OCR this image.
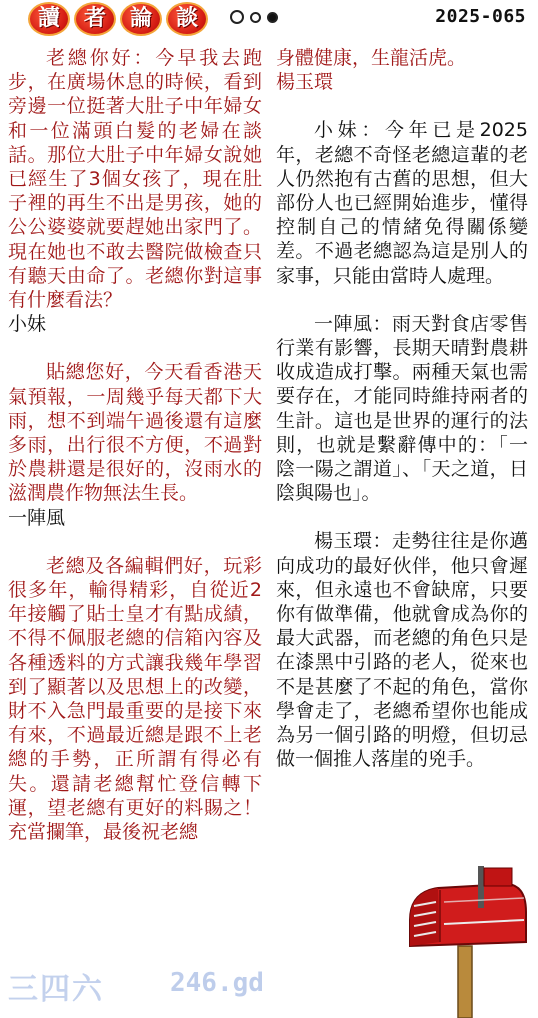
讀	者	論	談	2025-065

老總你好：今早我去跑步，在廣場休息的時候，看到旁邊一位挺著大肚子中年婦女和一位滿頭白髮的老婦在談話。那位大肚子中年婦女說她已經生了3個女孩了，現在肚子裡的再生不出是男孩，她的公公婆婆就要趕她出家門了。現在她也不敢去醫院做檢查只有聽天由命了。老總你對這事有什麼看法？

小妹

貼總您好，今天看香港天氣預報，一周幾乎每天都下大雨，想不到端午過後還有這麼多雨，出行很不方便，不過對於農耕還是很好的，沒雨水的滋潤農作物無法生長。

一陣風

老總及各編輯們好，玩彩很多年，輸得精彩，自從近2年接觸了貼士皇才有點成績，不得不佩服老總的信箱內容及各種透料的方式讓我幾年學習到了顯著以及思想上的改變，財不入急門最重要的是接下來有來，不過最近總是跟不上老總的手勢，正所謂有得必有失。還請老總幫忙登信轉下運，望老總有更好的料賜之！充當攔筆，最後祝老總

身體健康，生龍活虎。

楊玉環

小妹：今年已是2025年，老總不奇怪老總這輩的老人仍然抱有古舊的思想，但大部份人也已經開始進步，懂得控制自己的情緒免得關係變差。不過老總認為這是別人的家事，只能由當時人處理。

一陣風：雨天對食店零售行業有影響，長期天晴對農耕收成造成打擊。兩種天氣也需要存在，才能同時維持兩者的生計。這也是世界的運行的法則，也就是繫辭傳中的：「一陰一陽之謂道」、「天之道，日陰與陽也」。

楊玉環：走勢往往是你邁向成功的最好伙伴，他只會遲來，但永遠也不會缺席，只要你有做準備，他就會成為你的最大武器，而老總的角色只是在漆黑中引路的老人，從來也不是甚麼了不起的角色，當你學會走了，老總希望你也能成為另一個引路的明燈，但切忌做一個推人落崖的兇手。

三四六	246.gd
